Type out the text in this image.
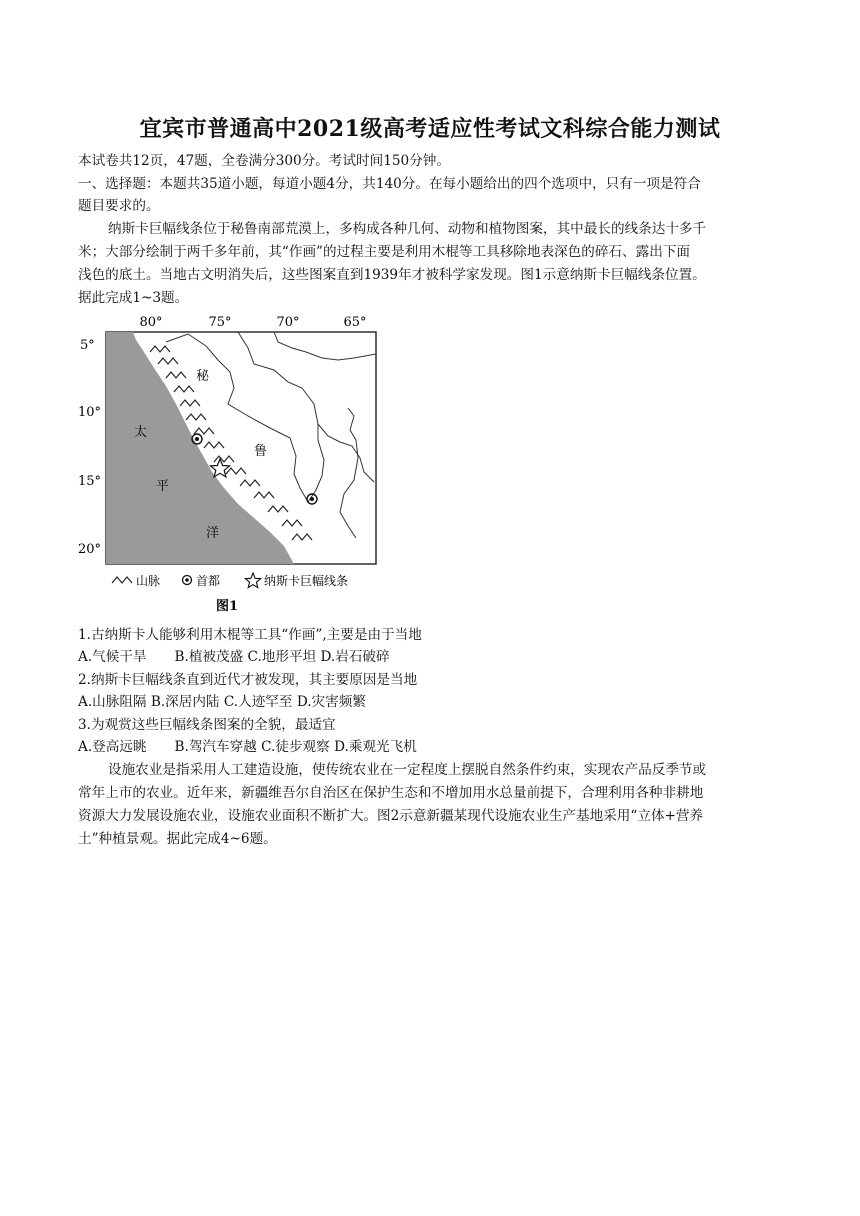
宜宾市普通高中2021级高考适应性考试文科综合能力测试
本试卷共12页，47题，全卷满分300分。考试时间150分钟。
一、选择题：本题共35道小题，每道小题4分，共140分。在每小题给出的四个选项中，只有一项是符合
题目要求的。
纳斯卡巨幅线条位于秘鲁南部荒漠上，多构成各种几何、动物和植物图案，其中最长的线条达十多千
米；大部分绘制于两千多年前，其“作画”的过程主要是利用木棍等工具移除地表深色的碎石、露出下面
浅色的底土。当地古文明消失后，这些图案直到1939年才被科学家发现。图1示意纳斯卡巨幅线条位置。
据此完成1~3题。
80°	75°	70°	65°
5°
10°
15°
20°
秘
鲁
太
平
洋
山脉	首都	纳斯卡巨幅线条
图1
1.古纳斯卡人能够利用木棍等工具“作画”,主要是由于当地
A.气候干旱 B.植被茂盛 C.地形平坦 D.岩石破碎
2.纳斯卡巨幅线条直到近代才被发现，其主要原因是当地
A.山脉阻隔 B.深居内陆 C.人迹罕至 D.灾害频繁
3.为观赏这些巨幅线条图案的全貌，最适宜
A.登高远眺 B.驾汽车穿越 C.徒步观察 D.乘观光飞机
设施农业是指采用人工建造设施，使传统农业在一定程度上摆脱自然条件约束，实现农产品反季节或
常年上市的农业。近年来，新疆维吾尔自治区在保护生态和不增加用水总量前提下，合理利用各种非耕地
资源大力发展设施农业，设施农业面积不断扩大。图2示意新疆某现代设施农业生产基地采用“立体+营养
土”种植景观。据此完成4~6题。
